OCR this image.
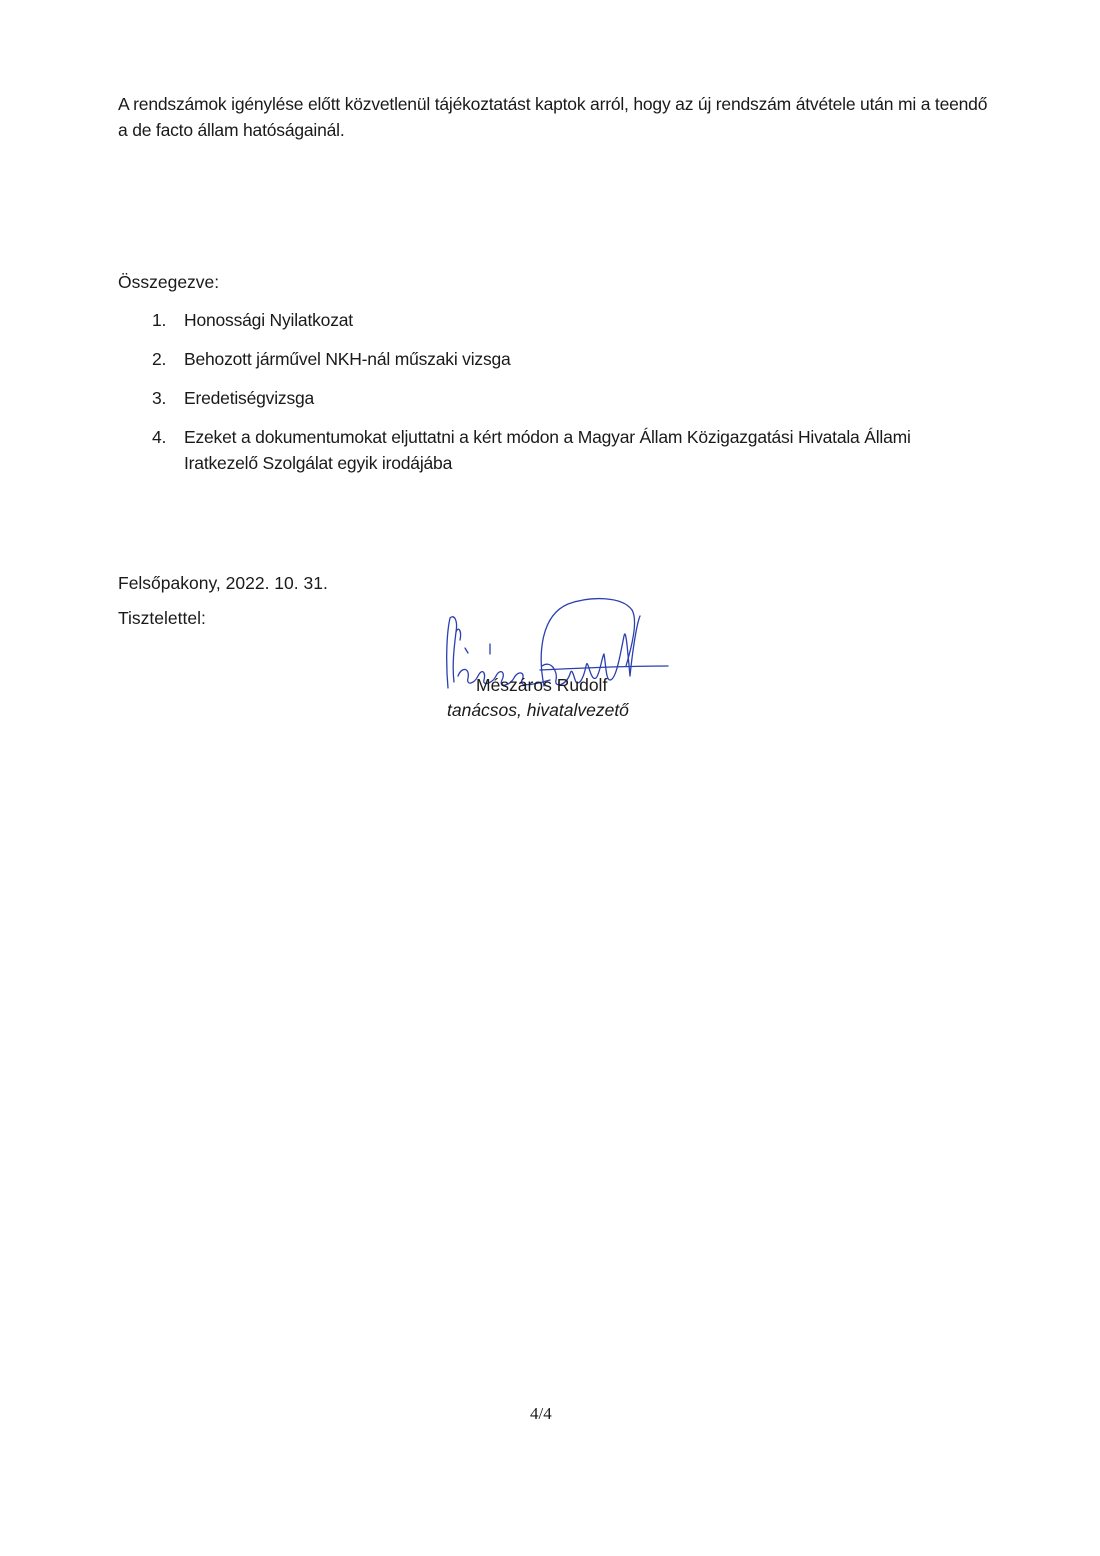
A rendszámok igénylése előtt közvetlenül tájékoztatást kaptok arról, hogy az új rendszám átvétele után mi a teendő a de facto állam hatóságainál.

Összegezve:

1. Honossági Nyilatkozat
2. Behozott járművel NKH-nál műszaki vizsga
3. Eredetiségvizsga
4. Ezeket a dokumentumokat eljuttatni a kért módon a Magyar Állam Közigazgatási Hivatala Állami Iratkezelő Szolgálat egyik irodájába

Felsőpakony, 2022. 10. 31.

Tisztelettel:

Mészáros Rudolf

tanácsos, hivatalvezető

4/4
